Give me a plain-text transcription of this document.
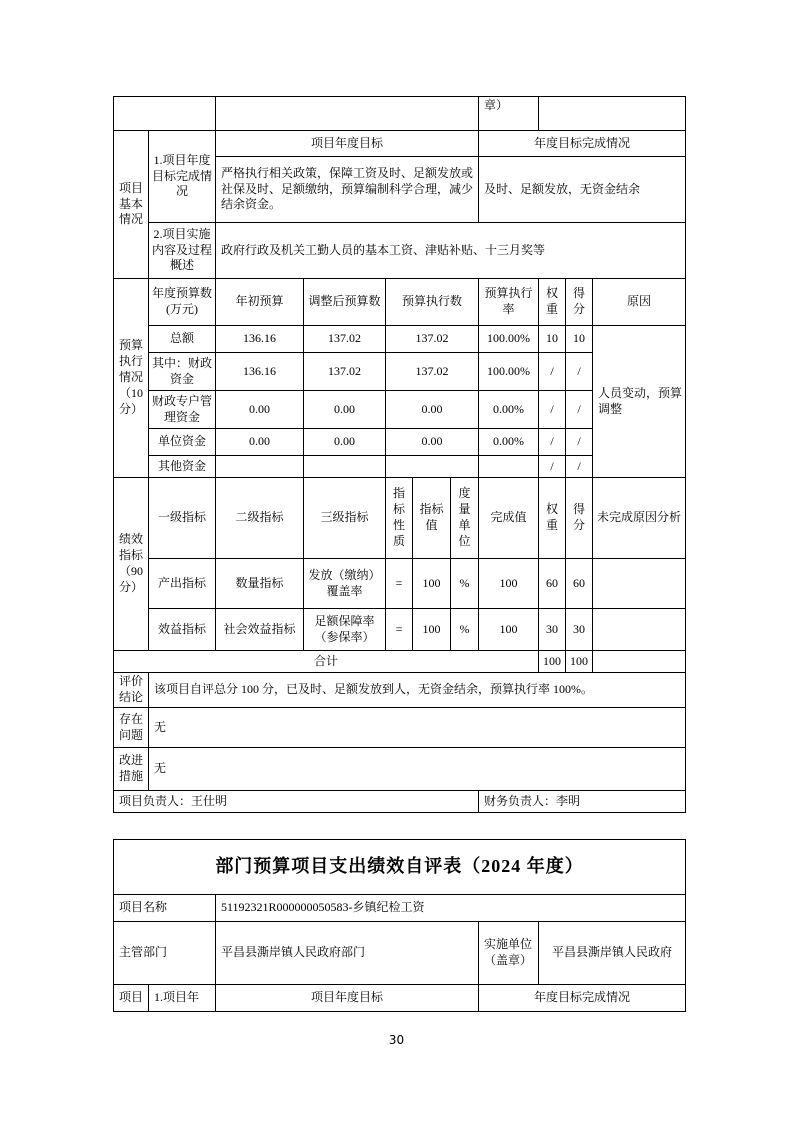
							章）			
项目基本情况	1.项目年度目标完成情况	项目年度目标					年度目标完成情况			
		严格执行相关政策，保障工资及时、足额发放或社保及时、足额缴纳，预算编制科学合理，减少结余资金。					及时、足额发放，无资金结余			
	2.项目实施内容及过程概述	政府行政及机关工勤人员的基本工资、津贴补贴、十三月奖等								
预算执行情况（10分）	年度预算数(万元)	年初预算	调整后预算数	预算执行数			预算执行率	权重	得分	原因
	总额	136.16	137.02	137.02			100.00%	10	10	人员变动，预算调整
	其中：财政资金	136.16	137.02	137.02			100.00%	/	/	
	财政专户管理资金	0.00	0.00	0.00			0.00%	/	/	
	单位资金	0.00	0.00	0.00			0.00%	/	/	
	其他资金							/	/	
绩效指标（90分）	一级指标	二级指标	三级指标	指标性质	指标值	度量单位	完成值	权重	得分	未完成原因分析
	产出指标	数量指标	发放（缴纳）覆盖率	=	100	%	100	60	60	
	效益指标	社会效益指标	足额保障率（参保率）	=	100	%	100	30	30	
合计								100	100	
评价结论	该项目自评总分 100 分，已及时、足额发放到人，无资金结余，预算执行率 100%。									
存在问题	无									
改进措施	无									
项目负责人：王仕明							财务负责人：李明			
部门预算项目支出绩效自评表（2024 年度）				
项目名称		51192321R000000050583-乡镇纪检工资		
主管部门		平昌县澌岸镇人民政府部门	实施单位（盖章）	平昌县澌岸镇人民政府
项目	1.项目年	项目年度目标	年度目标完成情况	
30
